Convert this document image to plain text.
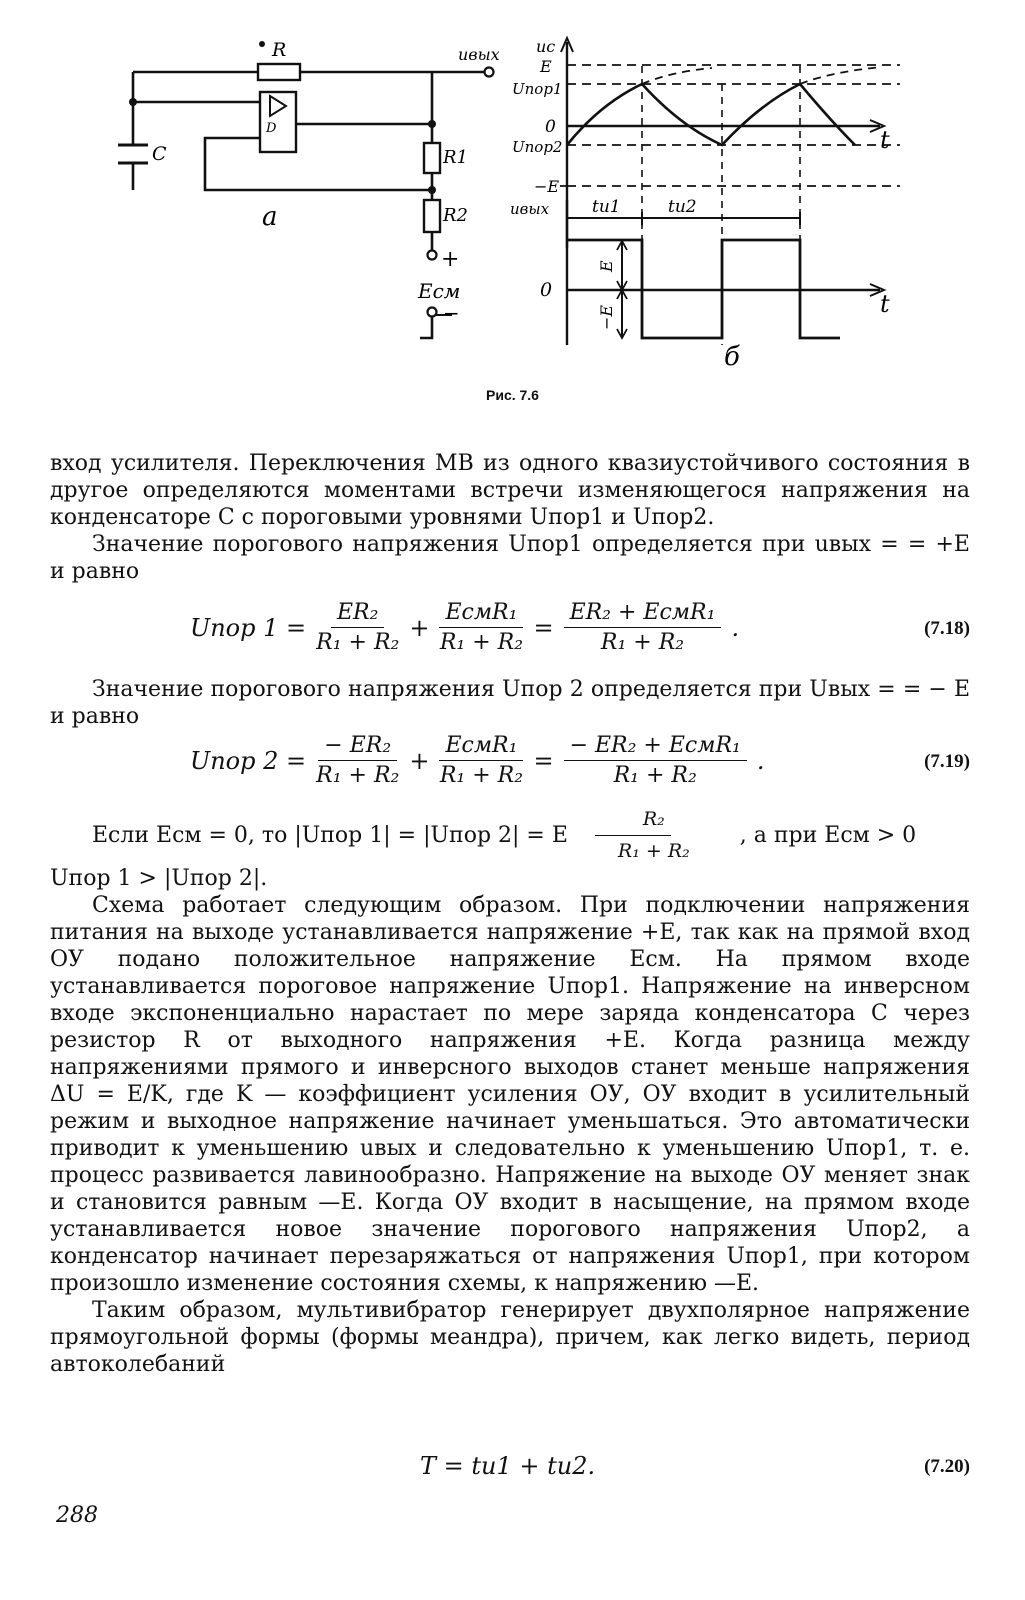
R
C	R1
R2
uвых
+
Eсм
−
D
а
uc
E
Uпор1
0
Uпор2	t
−E
uвых	tи1	tи2
0	t
E
−E
б
Рис. 7.6

вход усилителя. Переключения МВ из одного квазиустойчивого состояния в другое определяются моментами встречи изменяющегося напряжения на конденсаторе C с пороговыми уровнями Uпор1 и Uпор2.

Значение порогового напряжения Uпор1 определяется при uвых = = +E и равно

Uпор $1 = \frac{\text{ER₂}}{\text{R₁ + R₂}} + \frac{\text{EсмR₁}}{\text{R₁ + R₂}} = \frac{\text{ER₂ + EсмR₁}}{\text{R₁ + R₂}}$ .	(7.18)

Значение порогового напряжения Uпор 2 определяется при Uвых = = − E и равно

Uпор $2 = \frac{\text{− ER₂}}{\text{R₁ + R₂}} + \frac{\text{EсмR₁}}{\text{R₁ + R₂}} = \frac{\text{− ER₂ + EсмR₁}}{\text{R₁ + R₂}}$ .	(7.19)

Если Eсм = 0, то |Uпор 1| = |Uпор 2| = E $\frac{\text{R₂}}{\text{R₁ + R₂}}$	, а при Eсм > 0

Uпор 1 > |Uпор 2|.

Схема работает следующим образом. При подключении напряжения питания на выходе устанавливается напряжение +E, так как на прямой вход ОУ подано положительное напряжение Eсм. На прямом входе устанавливается пороговое напряжение Uпор1. Напряжение на инверсном входе экспоненциально нарастает по мере заряда конденсатора C через резистор R от выходного напряжения +E. Когда разница между напряжениями прямого и инверсного выходов станет меньше напряжения ΔU = E/K, где K — коэффициент усиления ОУ, ОУ входит в усилительный режим и выходное напряжение начинает уменьшаться. Это автоматически приводит к уменьшению uвых и следовательно к уменьшению Uпор1, т. е. процесс развивается лавинообразно. Напряжение на выходе ОУ меняет знак и становится равным —E. Когда ОУ входит в насыщение, на прямом входе устанавливается новое значение порогового напряжения Uпор2, а конденсатор начинает перезаряжаться от напряжения Uпор1, при котором произошло изменение состояния схемы, к напряжению —E.

Таким образом, мультивибратор генерирует двухполярное напряжение прямоугольной формы (формы меандра), причем, как легко видеть, период автоколебаний

T = tи1 + tи2.	(7.20)
288
